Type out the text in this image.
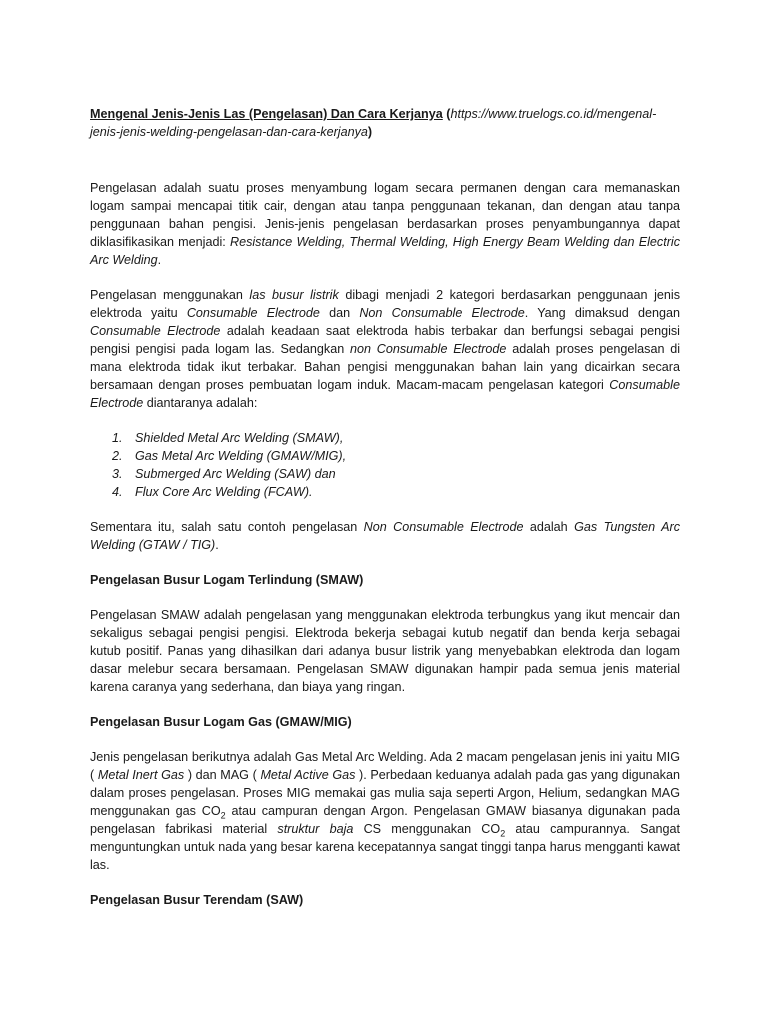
Mengenal Jenis-Jenis Las (Pengelasan) Dan Cara Kerjanya (https://www.truelogs.co.id/mengenal-jenis-jenis-welding-pengelasan-dan-cara-kerjanya)

Pengelasan adalah suatu proses menyambung logam secara permanen dengan cara memanaskan logam sampai mencapai titik cair, dengan atau tanpa penggunaan tekanan, dan dengan atau tanpa penggunaan bahan pengisi. Jenis-jenis pengelasan berdasarkan proses penyambungannya dapat diklasifikasikan menjadi: Resistance Welding, Thermal Welding, High Energy Beam Welding dan Electric Arc Welding.

Pengelasan menggunakan las busur listrik dibagi menjadi 2 kategori berdasarkan penggunaan jenis elektroda yaitu Consumable Electrode dan Non Consumable Electrode. Yang dimaksud dengan Consumable Electrode adalah keadaan saat elektroda habis terbakar dan berfungsi sebagai pengisi pengisi pengisi pada logam las. Sedangkan non Consumable Electrode adalah proses pengelasan di mana elektroda tidak ikut terbakar. Bahan pengisi menggunakan bahan lain yang dicairkan secara bersamaan dengan proses pembuatan logam induk. Macam-macam pengelasan kategori Consumable Electrode diantaranya adalah:

1. Shielded Metal Arc Welding (SMAW),
2. Gas Metal Arc Welding (GMAW/MIG),
3. Submerged Arc Welding (SAW) dan
4. Flux Core Arc Welding (FCAW).

Sementara itu, salah satu contoh pengelasan Non Consumable Electrode adalah Gas Tungsten Arc Welding (GTAW / TIG).

Pengelasan Busur Logam Terlindung (SMAW)

Pengelasan SMAW adalah pengelasan yang menggunakan elektroda terbungkus yang ikut mencair dan sekaligus sebagai pengisi pengisi. Elektroda bekerja sebagai kutub negatif dan benda kerja sebagai kutub positif. Panas yang dihasilkan dari adanya busur listrik yang menyebabkan elektroda dan logam dasar melebur secara bersamaan. Pengelasan SMAW digunakan hampir pada semua jenis material karena caranya yang sederhana, dan biaya yang ringan.

Pengelasan Busur Logam Gas (GMAW/MIG)

Jenis pengelasan berikutnya adalah Gas Metal Arc Welding. Ada 2 macam pengelasan jenis ini yaitu MIG ( Metal Inert Gas ) dan MAG ( Metal Active Gas ). Perbedaan keduanya adalah pada gas yang digunakan dalam proses pengelasan. Proses MIG memakai gas mulia saja seperti Argon, Helium, sedangkan MAG menggunakan gas $CO_2$ atau campuran dengan Argon. Pengelasan GMAW biasanya digunakan pada pengelasan fabrikasi material struktur baja CS menggunakan $CO_2$ atau campurannya. Sangat menguntungkan untuk nada yang besar karena kecepatannya sangat tinggi tanpa harus mengganti kawat las.

Pengelasan Busur Terendam (SAW)
